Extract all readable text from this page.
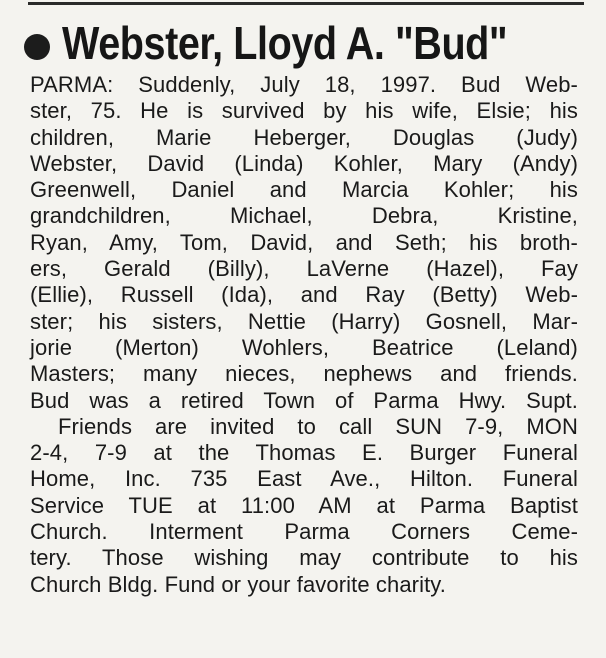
Webster, Lloyd A. "Bud"
PARMA: Suddenly, July 18, 1997. Bud Web-
ster, 75. He is survived by his wife, Elsie; his
children, Marie Heberger, Douglas (Judy)
Webster, David (Linda) Kohler, Mary (Andy)
Greenwell, Daniel and Marcia Kohler; his
grandchildren, Michael, Debra, Kristine,
Ryan, Amy, Tom, David, and Seth; his broth-
ers, Gerald (Billy), LaVerne (Hazel), Fay
(Ellie), Russell (Ida), and Ray (Betty) Web-
ster; his sisters, Nettie (Harry) Gosnell, Mar-
jorie (Merton) Wohlers, Beatrice (Leland)
Masters; many nieces, nephews and friends.
Bud was a retired Town of Parma Hwy. Supt.
Friends are invited to call SUN 7-9, MON
2-4, 7-9 at the Thomas E. Burger Funeral
Home, Inc. 735 East Ave., Hilton. Funeral
Service TUE at 11:00 AM at Parma Baptist
Church. Interment Parma Corners Ceme-
tery. Those wishing may contribute to his
Church Bldg. Fund or your favorite charity.
